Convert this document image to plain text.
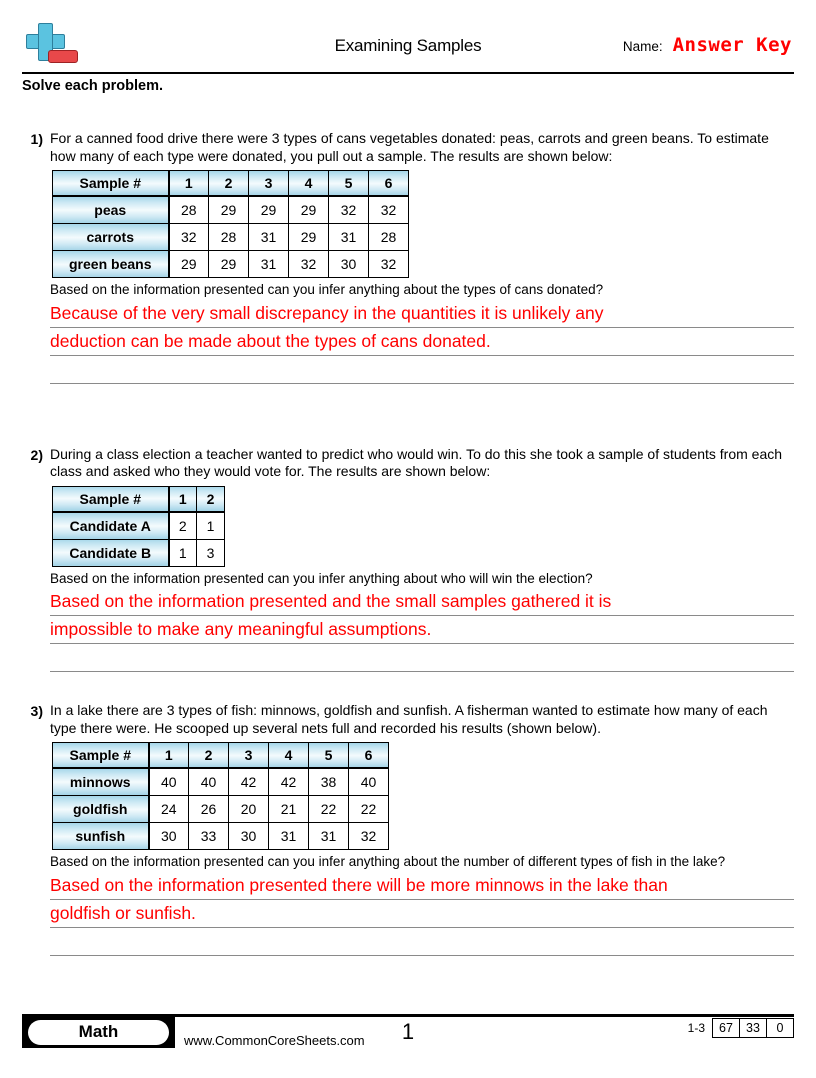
Examining Samples	Name: Answer Key
Solve each problem.
1) For a canned food drive there were 3 types of cans vegetables donated: peas, carrots and green beans. To estimate how many of each type were donated, you pull out a sample. The results are shown below:
Sample #	1	2	3	4	5	6
peas	28	29	29	29	32	32
carrots	32	28	31	29	31	28
green beans	29	29	31	32	30	32
Based on the information presented can you infer anything about the types of cans donated?
Because of the very small discrepancy in the quantities it is unlikely any
deduction can be made about the types of cans donated.
2) During a class election a teacher wanted to predict who would win. To do this she took a sample of students from each class and asked who they would vote for. The results are shown below:
Sample #	1	2
Candidate A	2	1
Candidate B	1	3
Based on the information presented can you infer anything about who will win the election?
Based on the information presented and the small samples gathered it is
impossible to make any meaningful assumptions.
3) In a lake there are 3 types of fish: minnows, goldfish and sunfish. A fisherman wanted to estimate how many of each type there were. He scooped up several nets full and recorded his results (shown below).
Sample #	1	2	3	4	5	6
minnows	40	40	42	42	38	40
goldfish	24	26	20	21	22	22
sunfish	30	33	30	31	31	32
Based on the information presented can you infer anything about the number of different types of fish in the lake?
Based on the information presented there will be more minnows in the lake than
goldfish or sunfish.
Math	www.CommonCoreSheets.com	1	1-3	67	33	0
